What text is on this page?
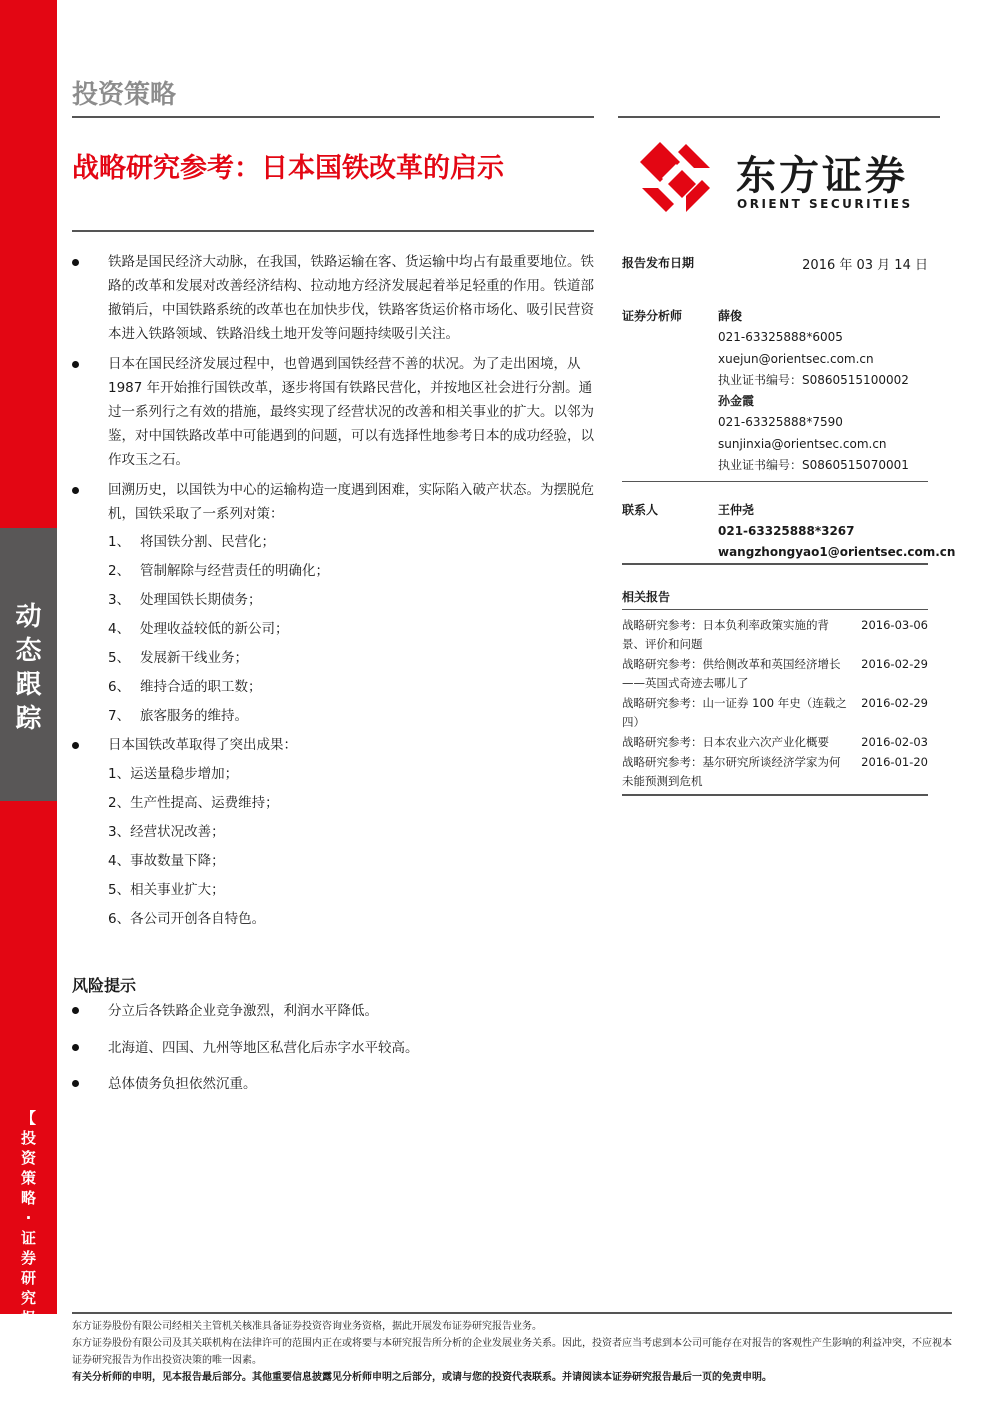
动
态
跟
踪
【
投
资
策
略
·
证
券
研
究
报
告
】
投资策略
战略研究参考：日本国铁改革的启示	东方证券
ORIENT SECURITIES
铁路是国民经济大动脉，在我国，铁路运输在客、货运输中均占有最重要地位。铁路的改革和发展对改善经济结构、拉动地方经济发展起着举足轻重的作用。铁道部撤销后，中国铁路系统的改革也在加快步伐，铁路客货运价格市场化、吸引民营资本进入铁路领域、铁路沿线土地开发等问题持续吸引关注。
日本在国民经济发展过程中，也曾遇到国铁经营不善的状况。为了走出困境，从 1987 年开始推行国铁改革，逐步将国有铁路民营化，并按地区社会进行分割。通过一系列行之有效的措施，最终实现了经营状况的改善和相关事业的扩大。以邻为鉴，对中国铁路改革中可能遇到的问题，可以有选择性地参考日本的成功经验，以作攻玉之石。
回溯历史，以国铁为中心的运输构造一度遇到困难，实际陷入破产状态。为摆脱危机，国铁采取了一系列对策：
1、 将国铁分割、民营化；
2、 管制解除与经营责任的明确化；
3、 处理国铁长期债务；
4、 处理收益较低的新公司；
5、 发展新干线业务；
6、 维持合适的职工数；
7、 旅客服务的维持。
日本国铁改革取得了突出成果：
1、运送量稳步增加；
2、生产性提高、运费维持；
3、经营状况改善；
4、事故数量下降；
5、相关事业扩大；
6、各公司开创各自特色。
风险提示
分立后各铁路企业竞争激烈，利润水平降低。
北海道、四国、九州等地区私营化后赤字水平较高。
总体债务负担依然沉重。
报告发布日期	2016 年 03 月 14 日
证券分析师	薛俊
021-63325888*6005
xuejun@orientsec.com.cn
执业证书编号：S0860515100002
孙金霞
021-63325888*7590
sunjinxia@orientsec.com.cn
执业证书编号：S0860515070001
联系人	王仲尧
021-63325888*3267
wangzhongyao1@orientsec.com.cn
相关报告
战略研究参考：日本负利率政策实施的背景、评价和问题
2016-03-06
战略研究参考：供给侧改革和英国经济增长——英国式奇迹去哪儿了
2016-02-29
战略研究参考：山一证券 100 年史（连载之四）
2016-02-29
战略研究参考：日本农业六次产业化概要	2016-02-03
战略研究参考：基尔研究所谈经济学家为何未能预测到危机
2016-01-20
东方证券股份有限公司经相关主管机关核准具备证券投资咨询业务资格，据此开展发布证券研究报告业务。
东方证券股份有限公司及其关联机构在法律许可的范围内正在或将要与本研究报告所分析的企业发展业务关系。因此，投资者应当考虑到本公司可能存在对报告的客观性产生影响的利益冲突，不应视本证券研究报告为作出投资决策的唯一因素。
有关分析师的申明，见本报告最后部分。其他重要信息披露见分析师申明之后部分，或请与您的投资代表联系。并请阅读本证券研究报告最后一页的免责申明。
